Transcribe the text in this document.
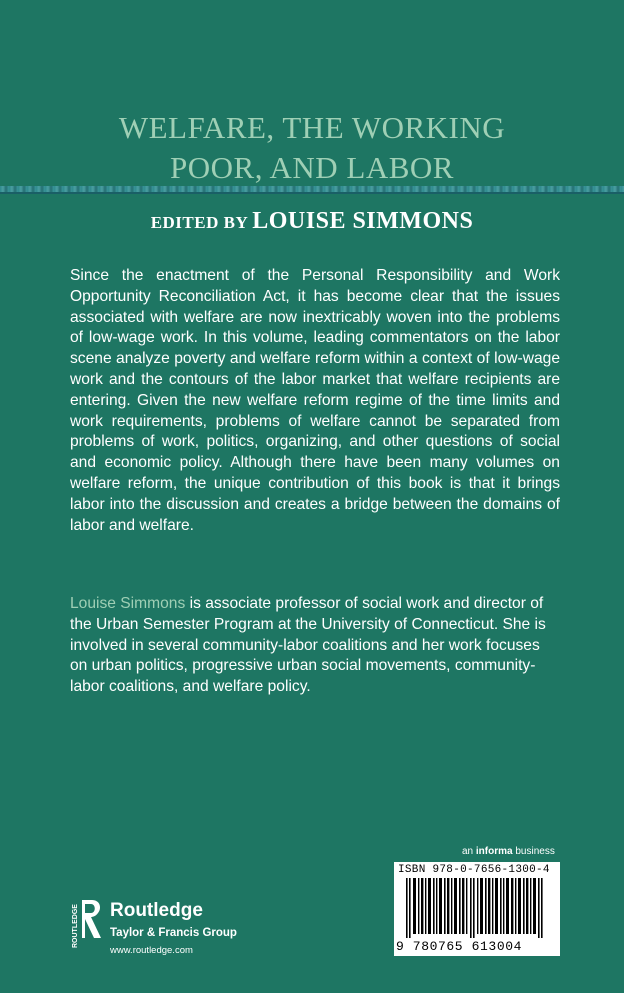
WELFARE, THE WORKING
POOR, AND LABOR
EDITED BY LOUISE SIMMONS

Since the enactment of the Personal Responsibility and Work Opportunity Reconciliation Act, it has become clear that the issues associated with welfare are now inextricably woven into the problems of low-wage work. In this volume, leading commentators on the labor scene analyze poverty and welfare reform within a context of low-wage work and the contours of the labor market that welfare recipients are entering. Given the new welfare reform regime of the time limits and work requirements, problems of welfare cannot be separated from problems of work, politics, organizing, and other questions of social and economic policy. Although there have been many volumes on welfare reform, the unique contribution of this book is that it brings labor into the discussion and creates a bridge between the domains of labor and welfare.

Louise Simmons is associate professor of social work and director of the Urban Semester Program at the University of Connecticut. She is involved in several community-labor coalitions and her work focuses on urban politics, progressive urban social movements, community-labor coalitions, and welfare policy.

an informa business
ISBN 978-0-7656-1300-4
9 780765 613004
ROUTLEDGE Routledge
Taylor & Francis Group
www.routledge.com
